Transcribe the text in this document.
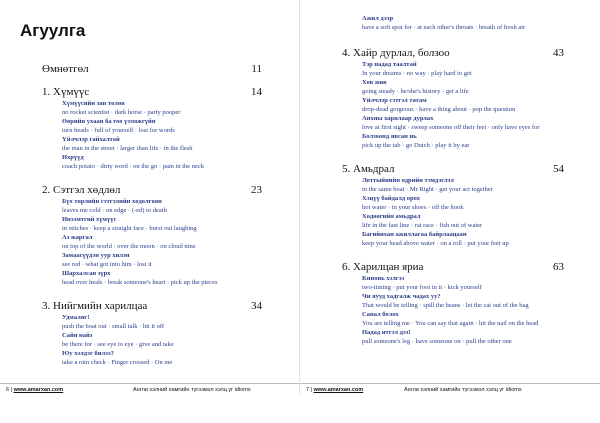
Агуулга
Өмнөтгөл	11
1. Хүмүүс	14
Хүмүүсийн зан төлөв
no rocket scientist · dark horse · party pooper
Өөрийн ухаан ба гоо үзэмжгүйн
turn heads · full of yourself · lost for words
Үйлчлэр гайхалтай
the man in the street · larger than life · in the flesh
Ихрүүд
coach potato · dirty word · on the go · pain in the neck
2. Сэтгэл хөдлөл	23
Бүх төрлийн сэтгэлийн хөдөлгөөн
leaves me cold · on edge · (-ed) to death
Инээмтгий хүмүүс
in stitches · keep a straight face · burst out laughing
Аз жаргал
on top of the world · over the moon · on cloud nine
Замаасүүдэн уур хилэн
see red · what got into him · lost it
Шархалсан зүрх
head over heals · break someone's heart · pick up the pieces
3. Нийгмийн харилцаа	34
Удмаляг!
push the boat out · small talk · hit it off
Сайн найз
be there for · see eye to eye · give and take
Юу хэлдэг билээ?
take a rain check · Finger crossed · On me
6 | www.amarxan.com	Англи хэлний хамгийн түгээмэл хэлц үг idioms
Ажил дээр
have a soft spot for · at each other's throats · breath of fresh air
4. Хайр дурлал, болзоо	43
Тэр надад таалтай
In your dreams · no way · play hard to get
Хов жив
going steady · he/she's history · get a life
Үйлчлэр сэтгэл татам
drop-dead gorgeous · have a thing about · pop the question
Анхны харилаар дурлах
love at first sight · sweep someone off their feet · only have eyes for
Болзоонд явсан нь
pick up the tab · go Dutch · play it by ear
5. Амьдрал	54
Лоттыйиийн одрийн тэмдэглэл
in the same boat · Mr Right · get your act together
Хэцүү байдалд орох
hot water · in your shoes · off the hook
Хөдөөгийн амьдрал
life in the fast line · rat race · fish out of water
Багийихан ажиллагаа байрлаацаан
keep your head above water · on a roll · put your feet up
6. Харилцан яриа	63
Кинонь хэлгээ
two-timing · put your foot in it · kick yourself
Чи яууд хадгалж чадах уу?
That would be telling · spill the beans · let the cat out of the bag
Санал болох
You are telling me · You can say that again · hit the nail on the head
Надад итгэл дэз!
pull someone's leg · have someone on · pull the other one
7 | www.amarxan.com	Англи хэлний хамгийн түгээмэл хэлц үг idioms
